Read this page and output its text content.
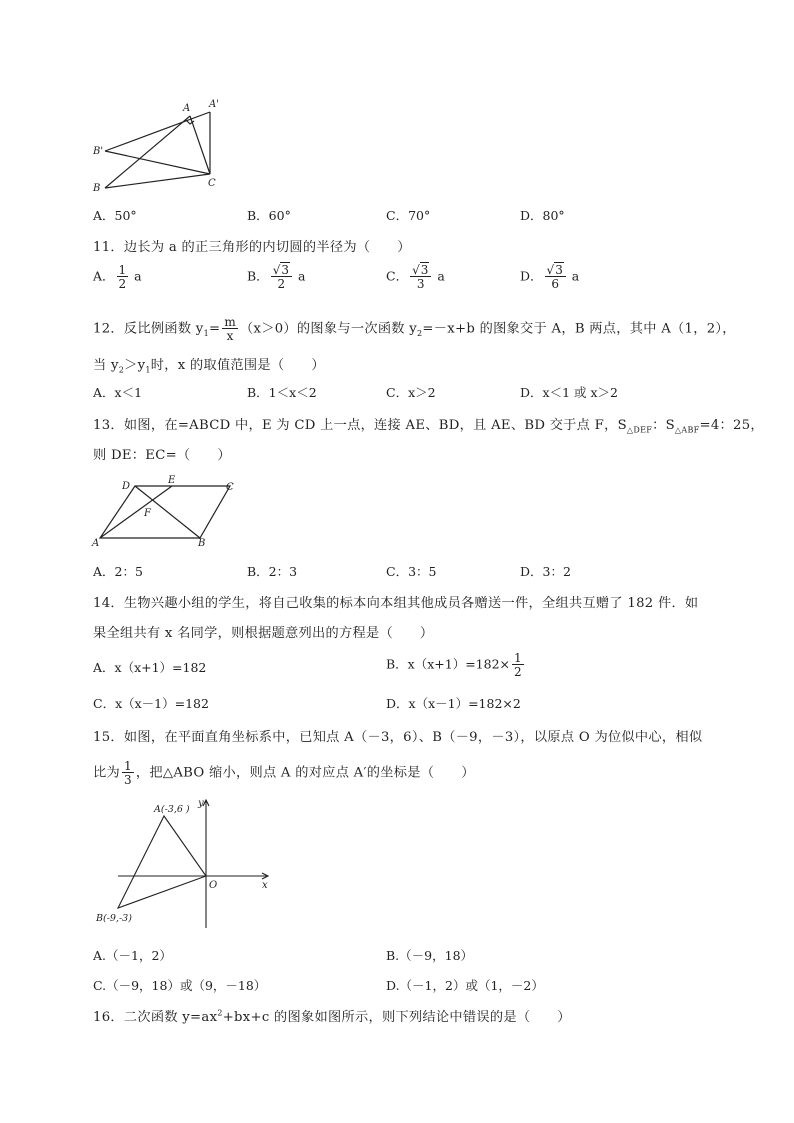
A A'
B'
B	C
A．50°	B．60°	C．70°	D．80°
11．边长为 a 的正三角形的内切圆的半径为（　　）
A． $\frac{1}{2}$ a	B． $\frac{√3}{2}$ a	C． $\frac{√3}{3}$ a	D． $\frac{√3}{6}$ a
12．反比例函数 $y_1= \frac{m}{x} (x>0)$的图象与一次函数 $y_2=-x+b$ 的图象交于 A，B 两点，其中 A（1，2），
当 $y_2>y_1$时，x 的取值范围是（　　）
A．x＜1	B．1＜x＜2	C．x＞2	D．x＜1 或 x＞2
13．如图，在=ABCD 中，E 为 CD 上一点，连接 AE、BD，且 AE、BD 交于点 F，$S_{\triangle DEF}$：$S_{\triangle ABF}=4$：25，
则 DE：EC=（　　）
D
E
C
F
A	B
A．2：5	B．2：3	C．3：5	D．3：2
14．生物兴趣小组的学生，将自己收集的标本向本组其他成员各赠送一件，全组共互赠了 182 件．如
果全组共有 x 名同学，则根据题意列出的方程是（　　）
A．x（x+1）=182	B．$x(x+1)=182\times \frac{1}{2}$
C．x（x－1）=182	D．x（x－1）=182×2
15．如图，在平面直角坐标系中，已知点 A（－3，6）、B（－9，－3），以原点 O 为位似中心，相似
比为 $\frac{1}{3}$ ，把△ABO 缩小，则点 A 的对应点 A′的坐标是（　　）
A(-3,6 )
B(-9,-3)
O	x
y
A.（－1，2）	B.（－9，18）
C.（－9，18）或（9，－18）	D.（－1，2）或（1，－2）
16．二次函数 $y=ax^2+bx+c$ 的图象如图所示，则下列结论中错误的是（　　）
